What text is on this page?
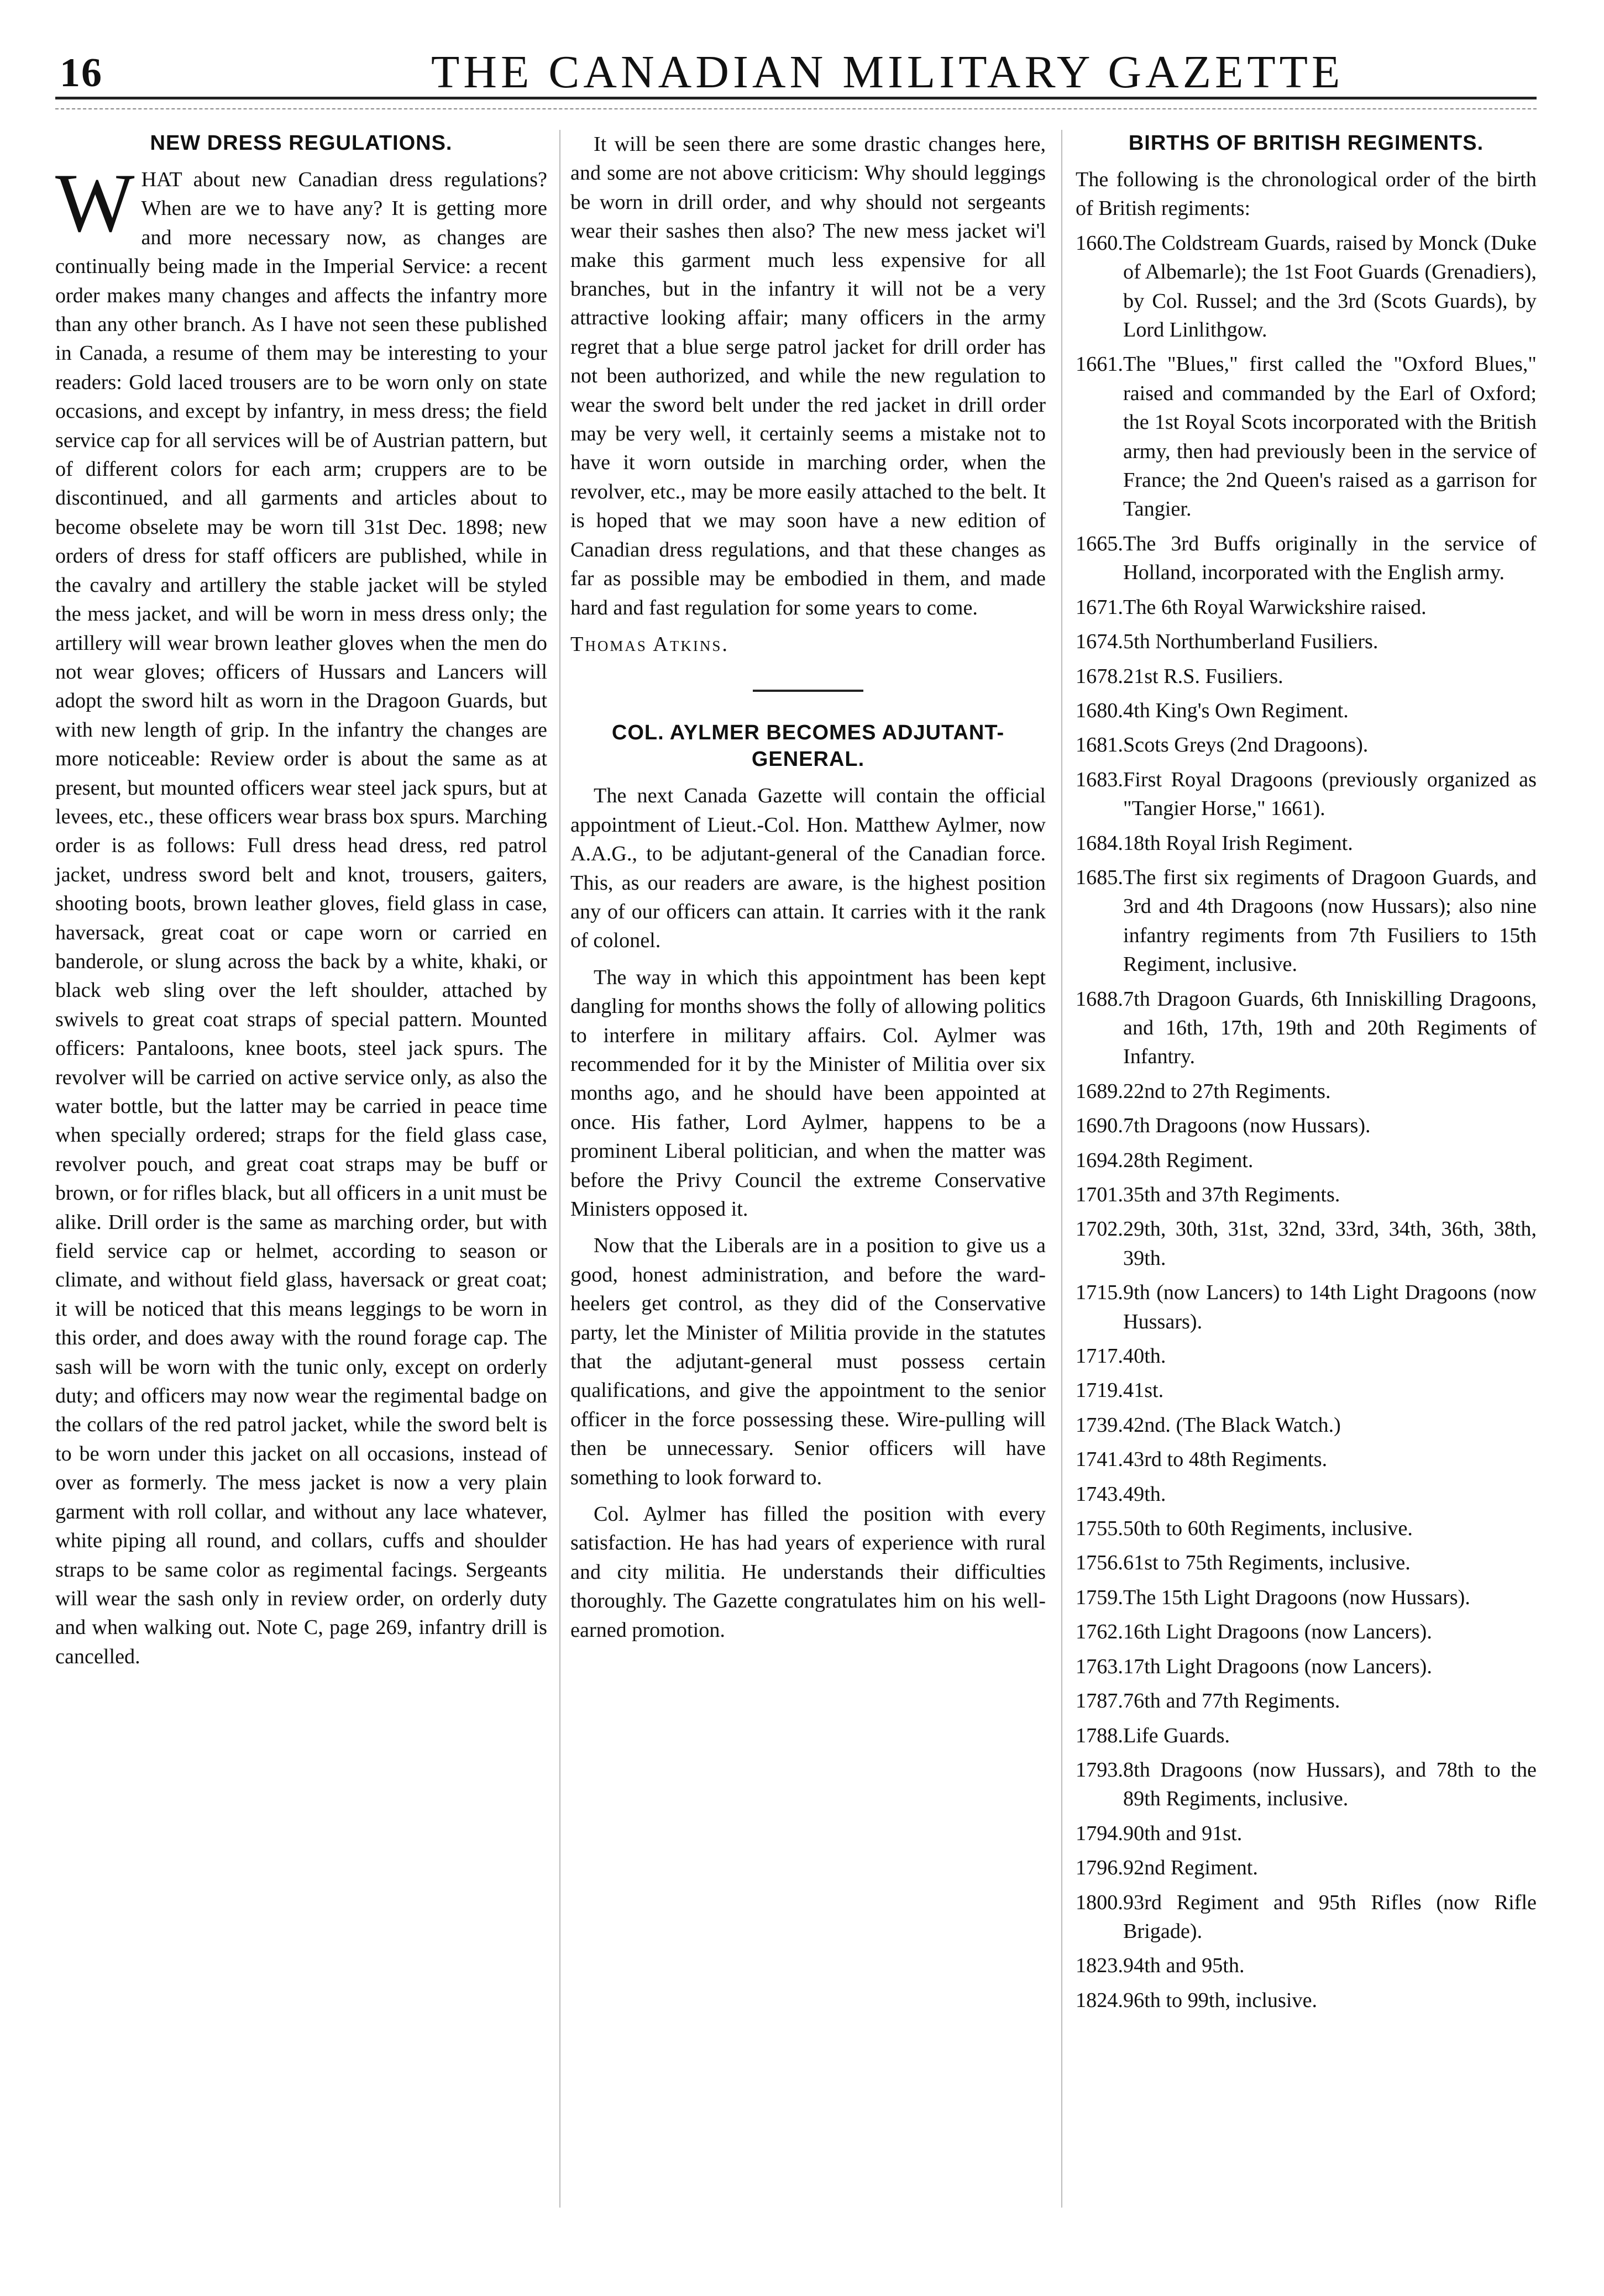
16	THE CANADIAN MILITARY GAZETTE
NEW DRESS REGULATIONS.

WHAT about new Canadian dress regulations? When are we to have any? It is getting more and more necessary now, as changes are continually being made in the Imperial Service: a recent order makes many changes and affects the infantry more than any other branch. As I have not seen these published in Canada, a resume of them may be interesting to your readers: Gold laced trousers are to be worn only on state occasions, and except by infantry, in mess dress; the field service cap for all services will be of Austrian pattern, but of different colors for each arm; cruppers are to be discontinued, and all garments and articles about to become obselete may be worn till 31st Dec. 1898; new orders of dress for staff officers are published, while in the cavalry and artillery the stable jacket will be styled the mess jacket, and will be worn in mess dress only; the artillery will wear brown leather gloves when the men do not wear gloves; officers of Hussars and Lancers will adopt the sword hilt as worn in the Dragoon Guards, but with new length of grip. In the infantry the changes are more noticeable: Review order is about the same as at present, but mounted officers wear steel jack spurs, but at levees, etc., these officers wear brass box spurs. Marching order is as follows: Full dress head dress, red patrol jacket, undress sword belt and knot, trousers, gaiters, shooting boots, brown leather gloves, field glass in case, haversack, great coat or cape worn or carried en banderole, or slung across the back by a white, khaki, or black web sling over the left shoulder, attached by swivels to great coat straps of special pattern. Mounted officers: Pantaloons, knee boots, steel jack spurs. The revolver will be carried on active service only, as also the water bottle, but the latter may be carried in peace time when specially ordered; straps for the field glass case, revolver pouch, and great coat straps may be buff or brown, or for rifles black, but all officers in a unit must be alike. Drill order is the same as marching order, but with field service cap or helmet, according to season or climate, and without field glass, haversack or great coat; it will be noticed that this means leggings to be worn in this order, and does away with the round forage cap. The sash will be worn with the tunic only, except on orderly duty; and officers may now wear the regimental badge on the collars of the red patrol jacket, while the sword belt is to be worn under this jacket on all occasions, instead of over as formerly. The mess jacket is now a very plain garment with roll collar, and without any lace whatever, white piping all round, and collars, cuffs and shoulder straps to be same color as regimental facings. Sergeants will wear the sash only in review order, on orderly duty and when walking out. Note C, page 269, infantry drill is cancelled.

It will be seen there are some drastic changes here, and some are not above criticism: Why should leggings be worn in drill order, and why should not sergeants wear their sashes then also? The new mess jacket wi'l make this garment much less expensive for all branches, but in the infantry it will not be a very attractive looking affair; many officers in the army regret that a blue serge patrol jacket for drill order has not been authorized, and while the new regulation to wear the sword belt under the red jacket in drill order may be very well, it certainly seems a mistake not to have it worn outside in marching order, when the revolver, etc., may be more easily attached to the belt. It is hoped that we may soon have a new edition of Canadian dress regulations, and that these changes as far as possible may be embodied in them, and made hard and fast regulation for some years to come.

Thomas Atkins.

COL. AYLMER BECOMES ADJUTANT-GENERAL.

The next Canada Gazette will contain the official appointment of Lieut.-Col. Hon. Matthew Aylmer, now A.A.G., to be adjutant-general of the Canadian force. This, as our readers are aware, is the highest position any of our officers can attain. It carries with it the rank of colonel.

The way in which this appointment has been kept dangling for months shows the folly of allowing politics to interfere in military affairs. Col. Aylmer was recommended for it by the Minister of Militia over six months ago, and he should have been appointed at once. His father, Lord Aylmer, happens to be a prominent Liberal politician, and when the matter was before the Privy Council the extreme Conservative Ministers opposed it.

Now that the Liberals are in a position to give us a good, honest administration, and before the ward-heelers get control, as they did of the Conservative party, let the Minister of Militia provide in the statutes that the adjutant-general must possess certain qualifications, and give the appointment to the senior officer in the force possessing these. Wire-pulling will then be unnecessary. Senior officers will have something to look forward to.

Col. Aylmer has filled the position with every satisfaction. He has had years of experience with rural and city militia. He understands their difficulties thoroughly. The Gazette congratulates him on his well-earned promotion.

BIRTHS OF BRITISH REGIMENTS.

The following is the chronological order of the birth of British regiments:

1660.The Coldstream Guards, raised by Monck (Duke of Albemarle); the 1st Foot Guards (Grenadiers), by Col. Russel; and the 3rd (Scots Guards), by Lord Linlithgow.
1661.The "Blues," first called the "Oxford Blues," raised and commanded by the Earl of Oxford; the 1st Royal Scots incorporated with the British army, then had previously been in the service of France; the 2nd Queen's raised as a garrison for Tangier.
1665.The 3rd Buffs originally in the service of Holland, incorporated with the English army.
1671.The 6th Royal Warwickshire raised.
1674.5th Northumberland Fusiliers.
1678.21st R.S. Fusiliers.
1680.4th King's Own Regiment.
1681.Scots Greys (2nd Dragoons).
1683.First Royal Dragoons (previously organized as "Tangier Horse," 1661).
1684.18th Royal Irish Regiment.
1685.The first six regiments of Dragoon Guards, and 3rd and 4th Dragoons (now Hussars); also nine infantry regiments from 7th Fusiliers to 15th Regiment, inclusive.
1688.7th Dragoon Guards, 6th Inniskilling Dragoons, and 16th, 17th, 19th and 20th Regiments of Infantry.
1689.22nd to 27th Regiments.
1690.7th Dragoons (now Hussars).
1694.28th Regiment.
1701.35th and 37th Regiments.
1702.29th, 30th, 31st, 32nd, 33rd, 34th, 36th, 38th, 39th.
1715.9th (now Lancers) to 14th Light Dragoons (now Hussars).
1717.40th.
1719.41st.
1739.42nd. (The Black Watch.)
1741.43rd to 48th Regiments.
1743.49th.
1755.50th to 60th Regiments, inclusive.
1756.61st to 75th Regiments, inclusive.
1759.The 15th Light Dragoons (now Hussars).
1762.16th Light Dragoons (now Lancers).
1763.17th Light Dragoons (now Lancers).
1787.76th and 77th Regiments.
1788.Life Guards.
1793.8th Dragoons (now Hussars), and 78th to the 89th Regiments, inclusive.
1794.90th and 91st.
1796.92nd Regiment.
1800.93rd Regiment and 95th Rifles (now Rifle Brigade).
1823.94th and 95th.
1824.96th to 99th, inclusive.
